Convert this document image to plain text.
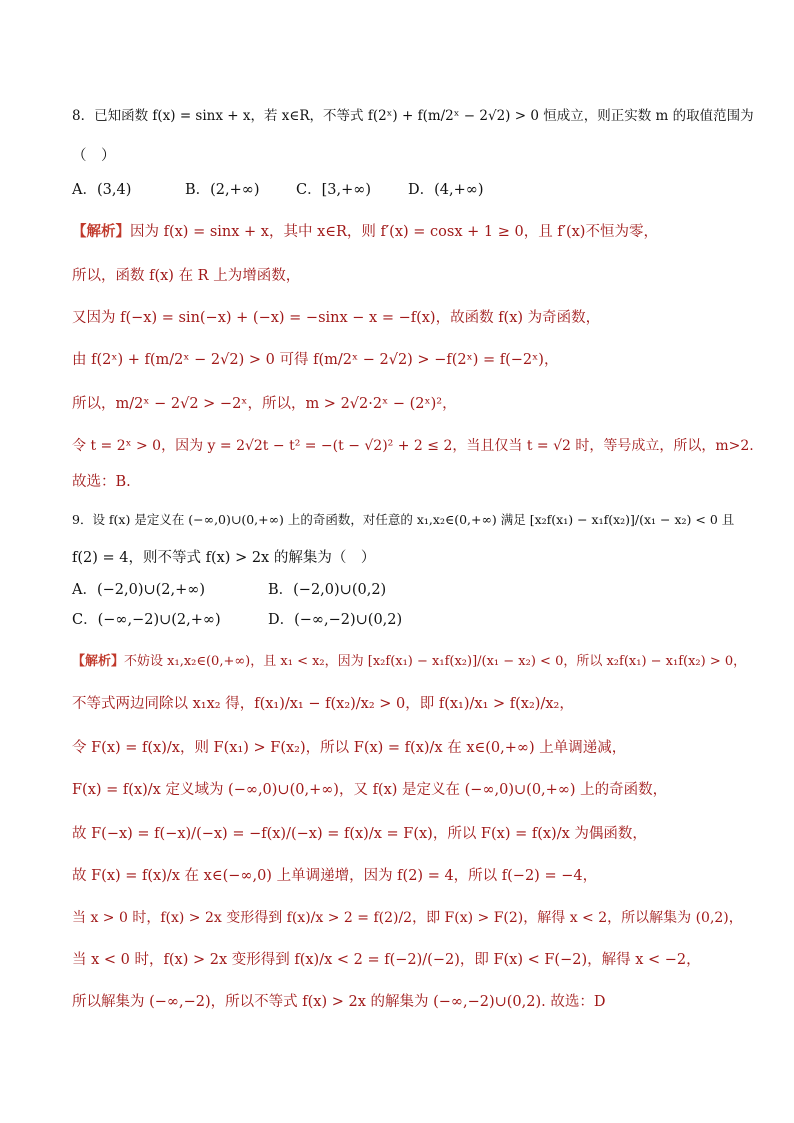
8．已知函数 f(x) = sinx + x，若 x∈R，不等式 f(2ˣ) + f(m/2ˣ − 2√2) > 0 恒成立，则正实数 m 的取值范围为
（　）
A．(3,4)	B．(2,+∞)	C．[3,+∞)	D．(4,+∞)
【解析】因为 f(x) = sinx + x，其中 x∈R，则 f′(x) = cosx + 1 ≥ 0，且 f′(x)不恒为零，
所以，函数 f(x) 在 R 上为增函数，
又因为 f(−x) = sin(−x) + (−x) = −sinx − x = −f(x)，故函数 f(x) 为奇函数，
由 f(2ˣ) + f(m/2ˣ − 2√2) > 0 可得 f(m/2ˣ − 2√2) > −f(2ˣ) = f(−2ˣ)，
所以，m/2ˣ − 2√2 > −2ˣ，所以，m > 2√2·2ˣ − (2ˣ)²，
令 t = 2ˣ > 0，因为 y = 2√2t − t² = −(t − √2)² + 2 ≤ 2，当且仅当 t = √2 时，等号成立，所以，m>2.
故选：B.
9．设 f(x) 是定义在 (−∞,0)∪(0,+∞) 上的奇函数，对任意的 x₁,x₂∈(0,+∞) 满足 [x₂f(x₁) − x₁f(x₂)]/(x₁ − x₂) < 0 且
f(2) = 4，则不等式 f(x) > 2x 的解集为（　）
A．(−2,0)∪(2,+∞)	B．(−2,0)∪(0,2)
C．(−∞,−2)∪(2,+∞)	D．(−∞,−2)∪(0,2)
【解析】不妨设 x₁,x₂∈(0,+∞)，且 x₁ < x₂，因为 [x₂f(x₁) − x₁f(x₂)]/(x₁ − x₂) < 0，所以 x₂f(x₁) − x₁f(x₂) > 0，
不等式两边同除以 x₁x₂ 得，f(x₁)/x₁ − f(x₂)/x₂ > 0，即 f(x₁)/x₁ > f(x₂)/x₂，
令 F(x) = f(x)/x，则 F(x₁) > F(x₂)，所以 F(x) = f(x)/x 在 x∈(0,+∞) 上单调递减，
F(x) = f(x)/x 定义域为 (−∞,0)∪(0,+∞)，又 f(x) 是定义在 (−∞,0)∪(0,+∞) 上的奇函数，
故 F(−x) = f(−x)/(−x) = −f(x)/(−x) = f(x)/x = F(x)，所以 F(x) = f(x)/x 为偶函数，
故 F(x) = f(x)/x 在 x∈(−∞,0) 上单调递增，因为 f(2) = 4，所以 f(−2) = −4，
当 x > 0 时，f(x) > 2x 变形得到 f(x)/x > 2 = f(2)/2，即 F(x) > F(2)，解得 x < 2，所以解集为 (0,2)，
当 x < 0 时，f(x) > 2x 变形得到 f(x)/x < 2 = f(−2)/(−2)，即 F(x) < F(−2)，解得 x < −2，
所以解集为 (−∞,−2)，所以不等式 f(x) > 2x 的解集为 (−∞,−2)∪(0,2). 故选：D
